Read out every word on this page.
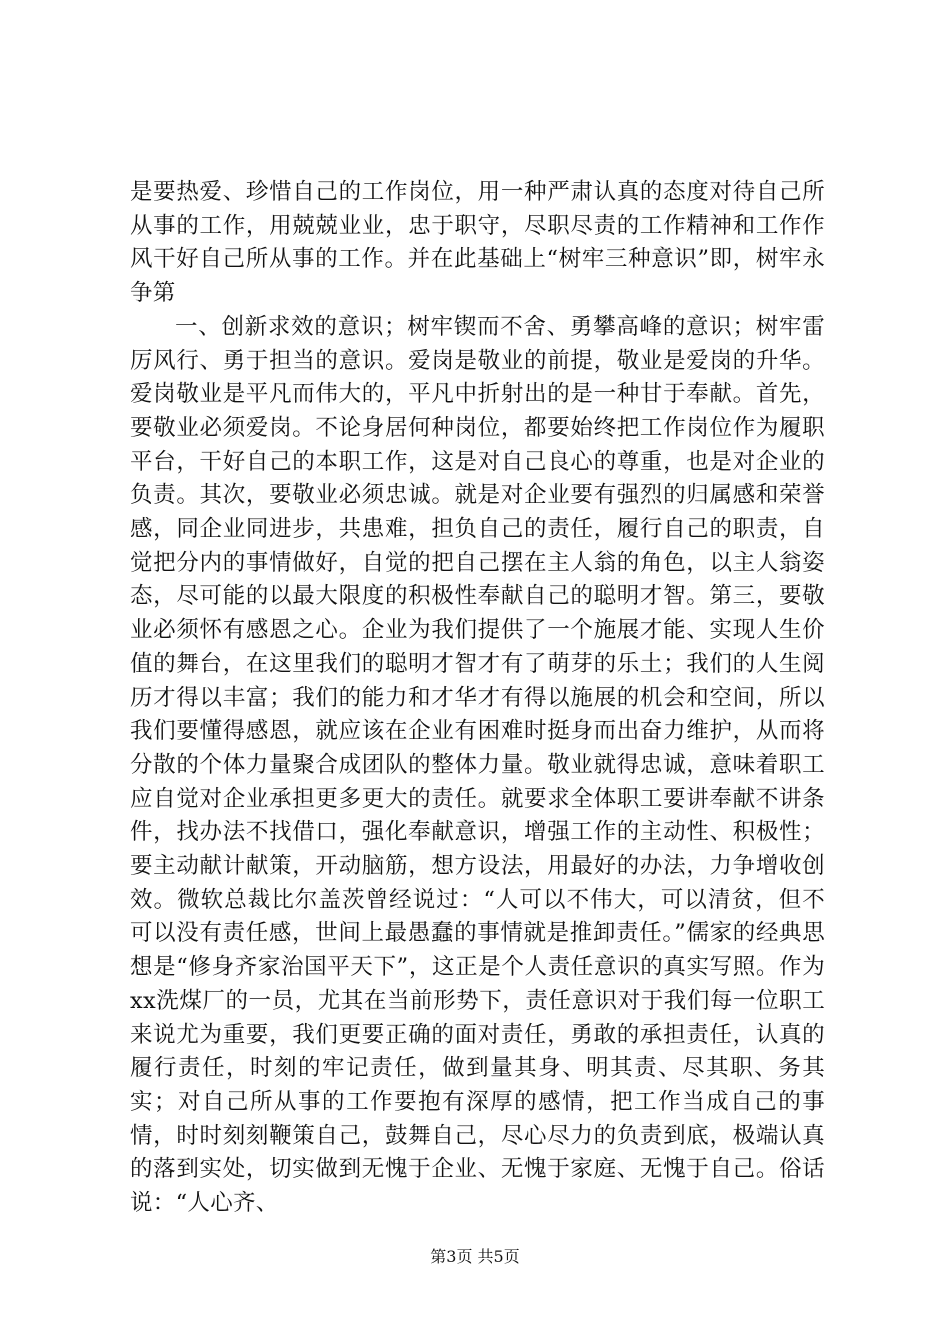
是要热爱、珍惜自己的工作岗位，用一种严肃认真的态度对待自己所从事的工作，用兢兢业业，忠于职守，尽职尽责的工作精神和工作作风干好自己所从事的工作。并在此基础上“树牢三种意识”即，树牢永争第

一、创新求效的意识；树牢锲而不舍、勇攀高峰的意识；树牢雷厉风行、勇于担当的意识。爱岗是敬业的前提，敬业是爱岗的升华。爱岗敬业是平凡而伟大的，平凡中折射出的是一种甘于奉献。首先，要敬业必须爱岗。不论身居何种岗位，都要始终把工作岗位作为履职平台，干好自己的本职工作，这是对自己良心的尊重，也是对企业的负责。其次，要敬业必须忠诚。就是对企业要有强烈的归属感和荣誉感，同企业同进步，共患难，担负自己的责任，履行自己的职责，自觉把分内的事情做好，自觉的把自己摆在主人翁的角色，以主人翁姿态，尽可能的以最大限度的积极性奉献自己的聪明才智。第三，要敬业必须怀有感恩之心。企业为我们提供了一个施展才能、实现人生价值的舞台，在这里我们的聪明才智才有了萌芽的乐土；我们的人生阅历才得以丰富；我们的能力和才华才有得以施展的机会和空间，所以我们要懂得感恩，就应该在企业有困难时挺身而出奋力维护，从而将分散的个体力量聚合成团队的整体力量。敬业就得忠诚，意味着职工应自觉对企业承担更多更大的责任。就要求全体职工要讲奉献不讲条件，找办法不找借口，强化奉献意识，增强工作的主动性、积极性；要主动献计献策，开动脑筋，想方设法，用最好的办法，力争增收创效。微软总裁比尔盖茨曾经说过：“人可以不伟大，可以清贫，但不可以没有责任感，世间上最愚蠢的事情就是推卸责任。”儒家的经典思想是“修身齐家治国平天下”，这正是个人责任意识的真实写照。作为xx洗煤厂的一员，尤其在当前形势下，责任意识对于我们每一位职工来说尤为重要，我们更要正确的面对责任，勇敢的承担责任，认真的履行责任，时刻的牢记责任，做到量其身、明其责、尽其职、务其实；对自己所从事的工作要抱有深厚的感情，把工作当成自己的事情，时时刻刻鞭策自己，鼓舞自己，尽心尽力的负责到底，极端认真的落到实处，切实做到无愧于企业、无愧于家庭、无愧于自己。俗话说：“人心齐、

第3页 共5页
